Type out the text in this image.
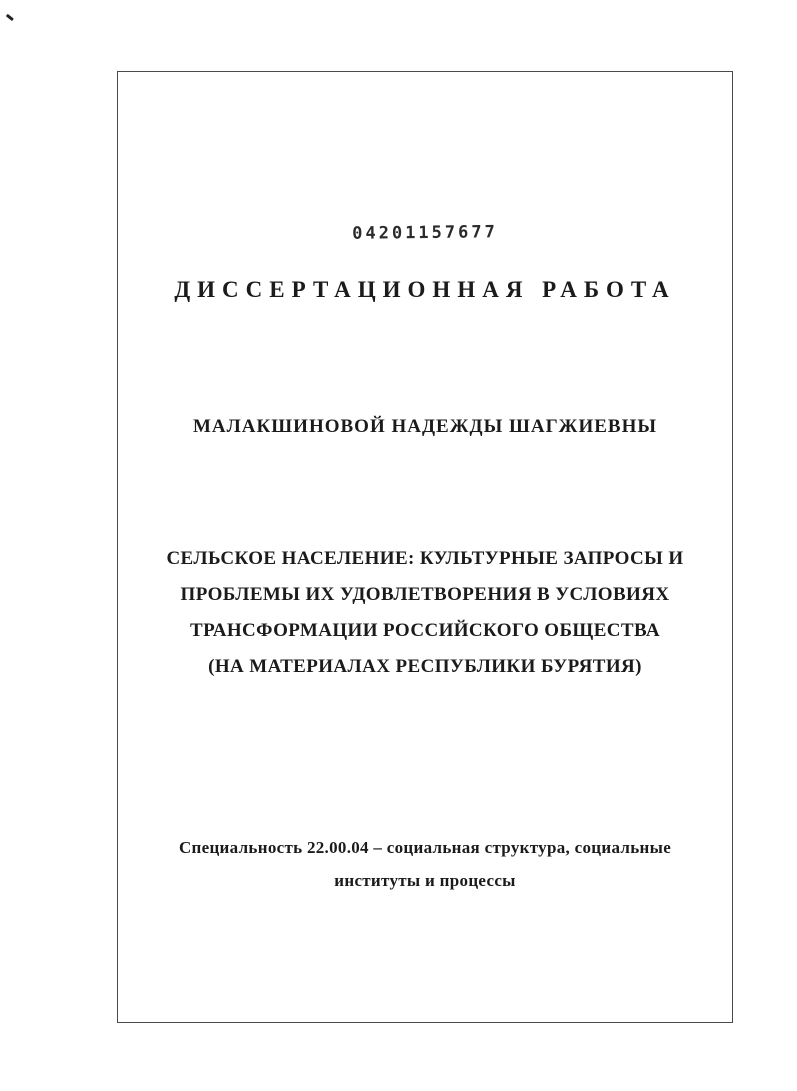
04201157677
ДИССЕРТАЦИОННАЯ РАБОТА
МАЛАКШИНОВОЙ НАДЕЖДЫ ШАГЖИЕВНЫ
СЕЛЬСКОЕ НАСЕЛЕНИЕ: КУЛЬТУРНЫЕ ЗАПРОСЫ И
ПРОБЛЕМЫ ИХ УДОВЛЕТВОРЕНИЯ В УСЛОВИЯХ
ТРАНСФОРМАЦИИ РОССИЙСКОГО ОБЩЕСТВА
(НА МАТЕРИАЛАХ РЕСПУБЛИКИ БУРЯТИЯ)
Специальность 22.00.04 – социальная структура, социальные
институты и процессы
